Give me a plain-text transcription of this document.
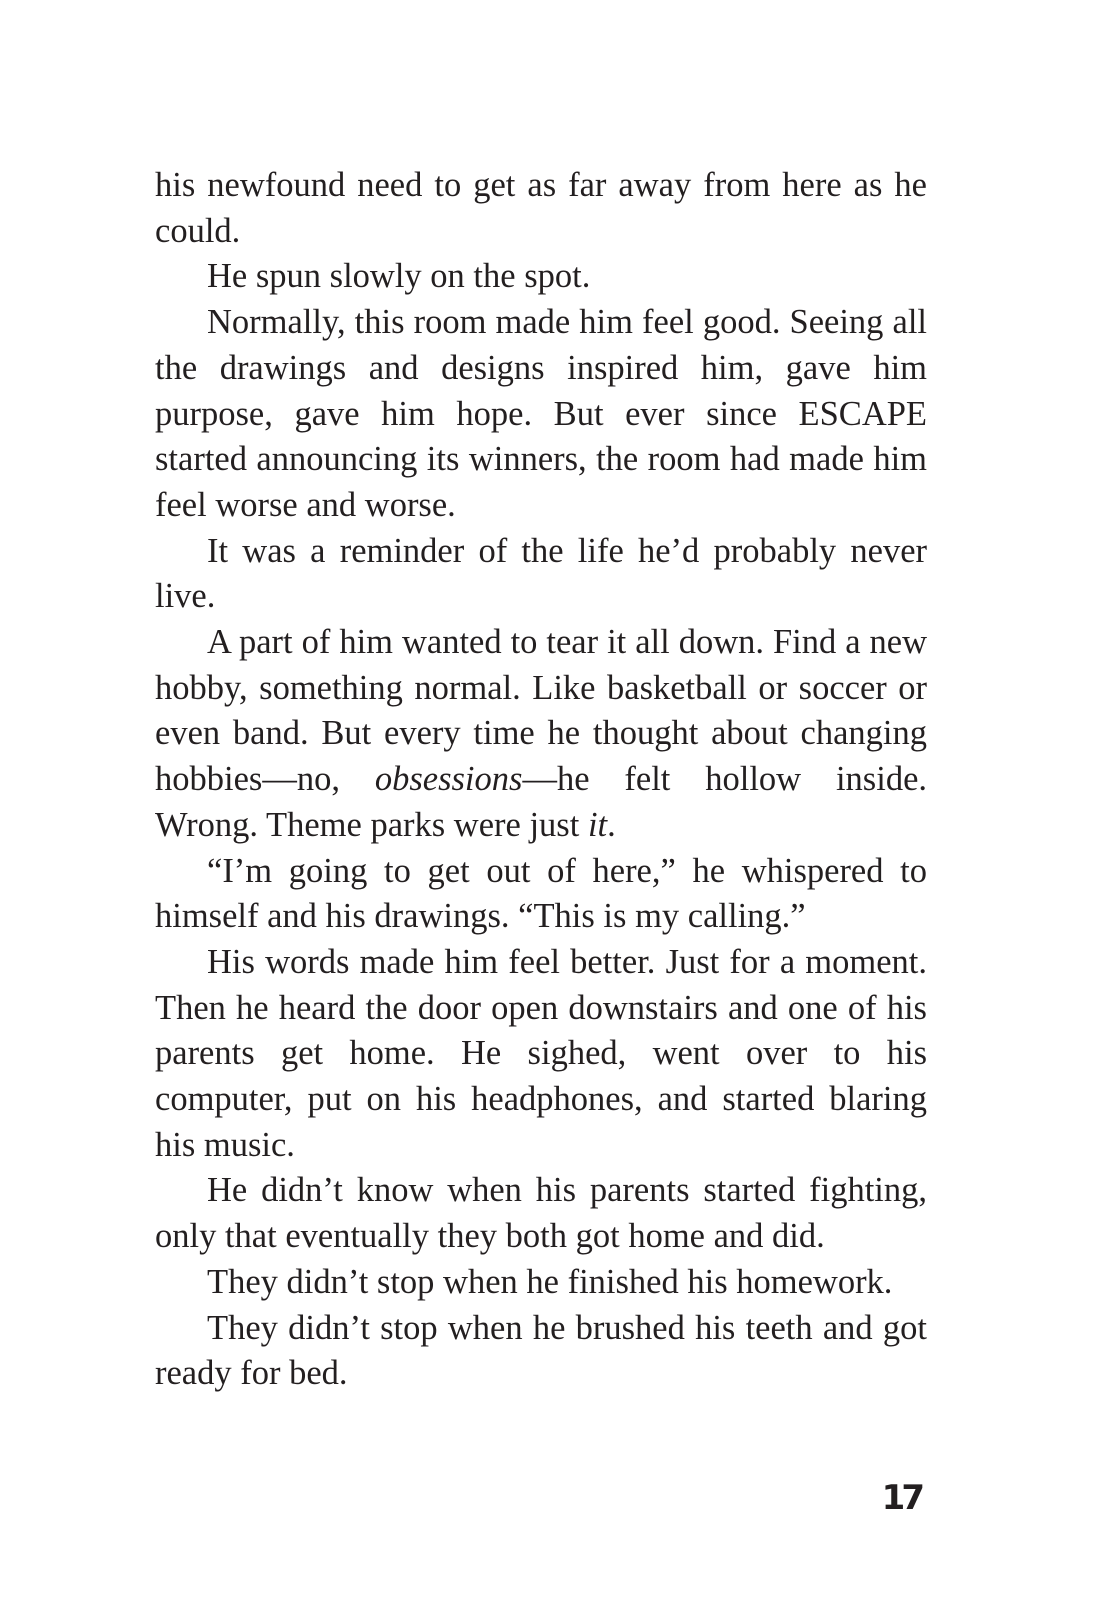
his newfound need to get as far away from here as he could.

He spun slowly on the spot.

Normally, this room made him feel good. Seeing all the drawings and designs inspired him, gave him purpose, gave him hope. But ever since ESCAPE started announcing its winners, the room had made him feel worse and worse.

It was a reminder of the life he’d probably never live.

A part of him wanted to tear it all down. Find a new hobby, something normal. Like basketball or soccer or even band. But every time he thought about changing hobbies—no, obsessions—he felt hollow inside. Wrong. Theme parks were just it.

“I’m going to get out of here,” he whispered to himself and his drawings. “This is my calling.”

His words made him feel better. Just for a moment. Then he heard the door open downstairs and one of his parents get home. He sighed, went over to his computer, put on his headphones, and started blaring his music.

He didn’t know when his parents started fighting, only that eventually they both got home and did.

They didn’t stop when he finished his homework.

They didn’t stop when he brushed his teeth and got ready for bed.

17
